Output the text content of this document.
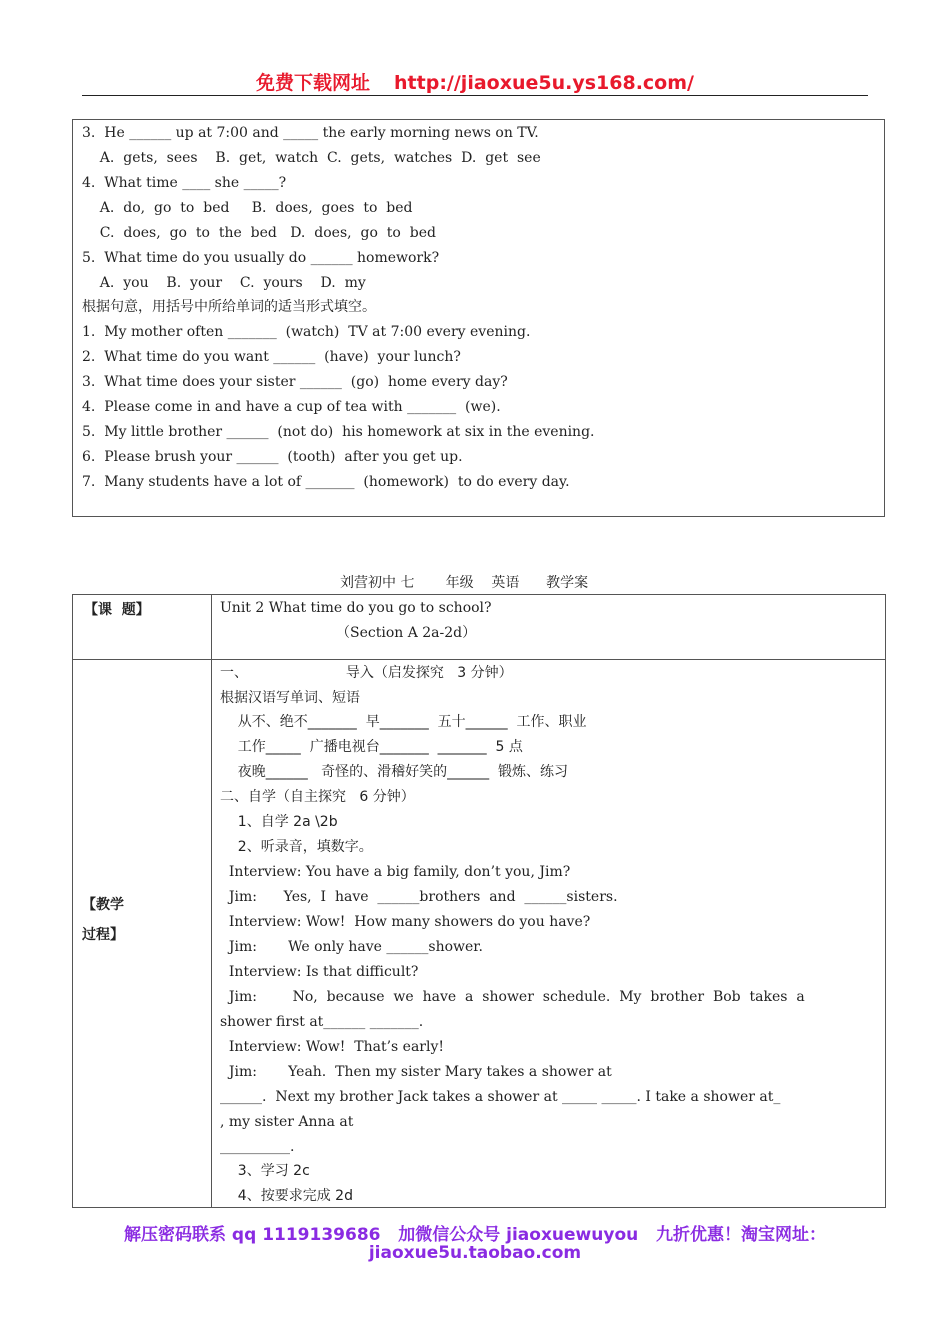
免费下载网址 http://jiaoxue5u.ys168.com/
3.  He ______ up at 7:00 and _____ the early morning news on TV.
A.  gets,  sees    B.  get,  watch  C.  gets,  watches  D.  get  see
4.  What time ____ she _____?
A.  do,  go  to  bed     B.  does,  goes  to  bed
C.  does,  go  to  the  bed   D.  does,  go  to  bed
5.  What time do you usually do ______ homework?
A.  you    B.  your    C.  yours    D.  my
根据句意，用括号中所给单词的适当形式填空。
1.  My mother often _______  (watch)  TV at 7:00 every evening.
2.  What time do you want ______  (have)  your lunch?
3.  What time does your sister ______  (go)  home every day?
4.  Please come in and have a cup of tea with _______  (we).
5.  My little brother ______  (not do)  his homework at six in the evening.
6.  Please brush your ______  (tooth)  after you get up.
7.  Many students have a lot of _______  (homework)  to do every day.
刘营初中 七       年级    英语      教学案
【课  题】	Unit 2 What time do you go to school?
（Section A 2a-2d）
【教学
过程】
一、                      导入（启发探究   3 分钟）
根据汉语写单词、短语
从不、绝不_______  早_______  五十______  工作、职业
工作_____  广播电视台_______  _______  5 点
夜晚______   奇怪的、滑稽好笑的______  锻炼、练习
二、自学（自主探究   6 分钟）
1、自学 2a \2b
2、听录音，填数字。
Interview: You have a big family, don’t you, Jim?
Jim:      Yes,  I  have  ______brothers  and  ______sisters.
Interview: Wow!  How many showers do you have?
Jim:       We only have ______shower.
Interview: Is that difficult?
Jim:        No,  because  we  have  a  shower  schedule.  My  brother  Bob  takes  a
shower first at______ _______.
Interview: Wow!  That’s early!
Jim:       Yeah.  Then my sister Mary takes a shower at
______.  Next my brother Jack takes a shower at _____ _____. I take a shower at_
, my sister Anna at
__________.
3、学习 2c
4、按要求完成 2d
解压密码联系 qq 1119139686   加微信公众号 jiaoxuewuyou   九折优惠！淘宝网址：
jiaoxue5u.taobao.com
